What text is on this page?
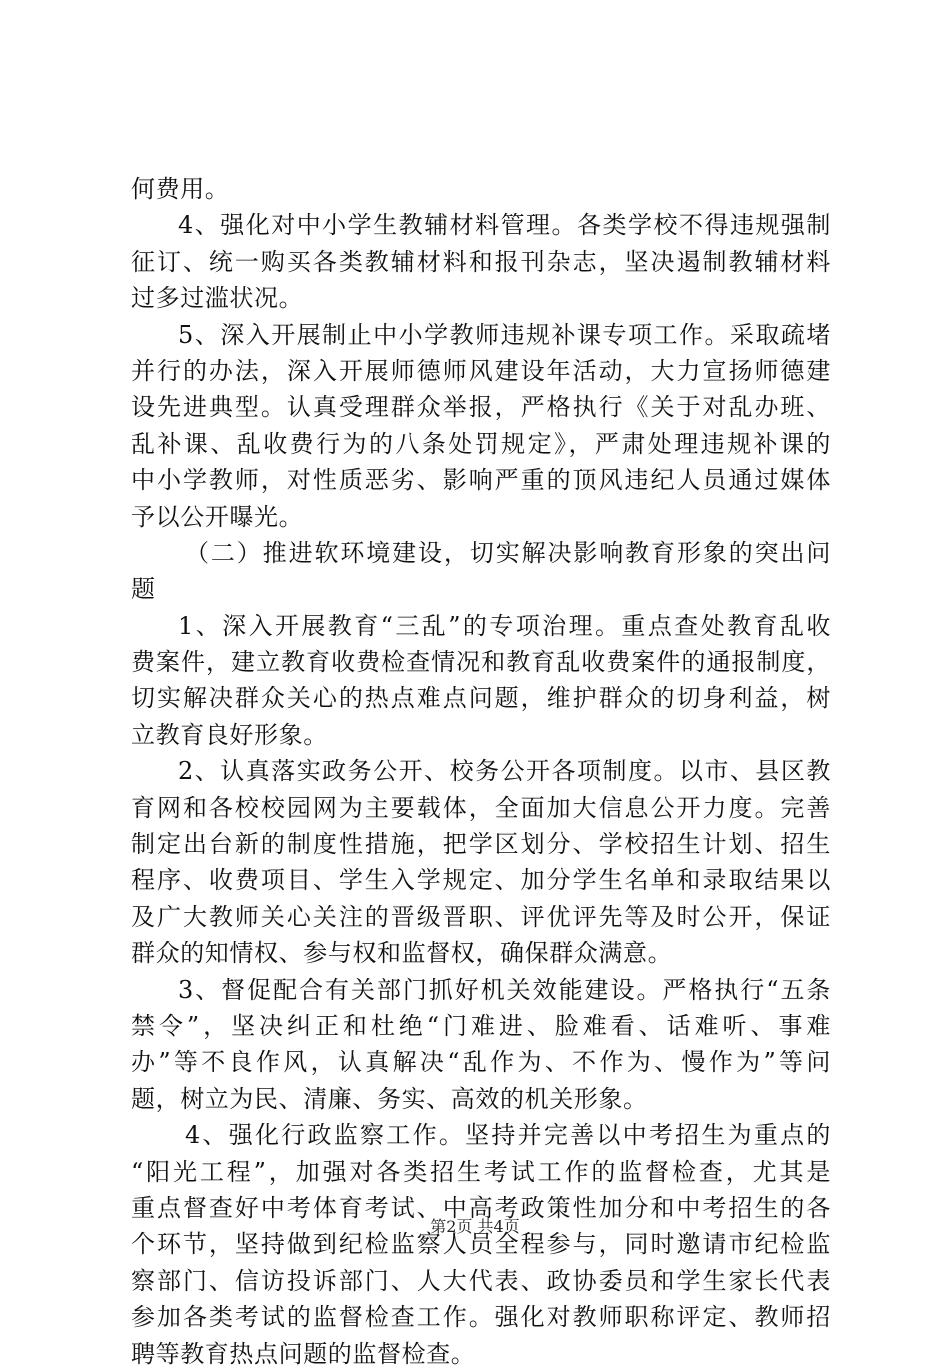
何费用。
4、强化对中小学生教辅材料管理。各类学校不得违规强制
征订、统一购买各类教辅材料和报刊杂志，坚决遏制教辅材料
过多过滥状况。
5、深入开展制止中小学教师违规补课专项工作。采取疏堵
并行的办法，深入开展师德师风建设年活动，大力宣扬师德建
设先进典型。认真受理群众举报，严格执行《关于对乱办班、
乱补课、乱收费行为的八条处罚规定》，严肃处理违规补课的
中小学教师，对性质恶劣、影响严重的顶风违纪人员通过媒体
予以公开曝光。
（二）推进软环境建设，切实解决影响教育形象的突出问
题
1、深入开展教育“三乱”的专项治理。重点查处教育乱收
费案件，建立教育收费检查情况和教育乱收费案件的通报制度，
切实解决群众关心的热点难点问题，维护群众的切身利益，树
立教育良好形象。
2、认真落实政务公开、校务公开各项制度。以市、县区教
育网和各校校园网为主要载体，全面加大信息公开力度。完善
制定出台新的制度性措施，把学区划分、学校招生计划、招生
程序、收费项目、学生入学规定、加分学生名单和录取结果以
及广大教师关心关注的晋级晋职、评优评先等及时公开，保证
群众的知情权、参与权和监督权，确保群众满意。
3、督促配合有关部门抓好机关效能建设。严格执行“五条
禁令”，坚决纠正和杜绝“门难进、脸难看、话难听、事难
办”等不良作风，认真解决“乱作为、不作为、慢作为”等问
题，树立为民、清廉、务实、高效的机关形象。
4、强化行政监察工作。坚持并完善以中考招生为重点的
“阳光工程”，加强对各类招生考试工作的监督检查，尤其是
重点督查好中考体育考试、中高考政策性加分和中考招生的各
个环节，坚持做到纪检监察人员全程参与，同时邀请市纪检监
察部门、信访投诉部门、人大代表、政协委员和学生家长代表
参加各类考试的监督检查工作。强化对教师职称评定、教师招
聘等教育热点问题的监督检查。
第2页 共4页
